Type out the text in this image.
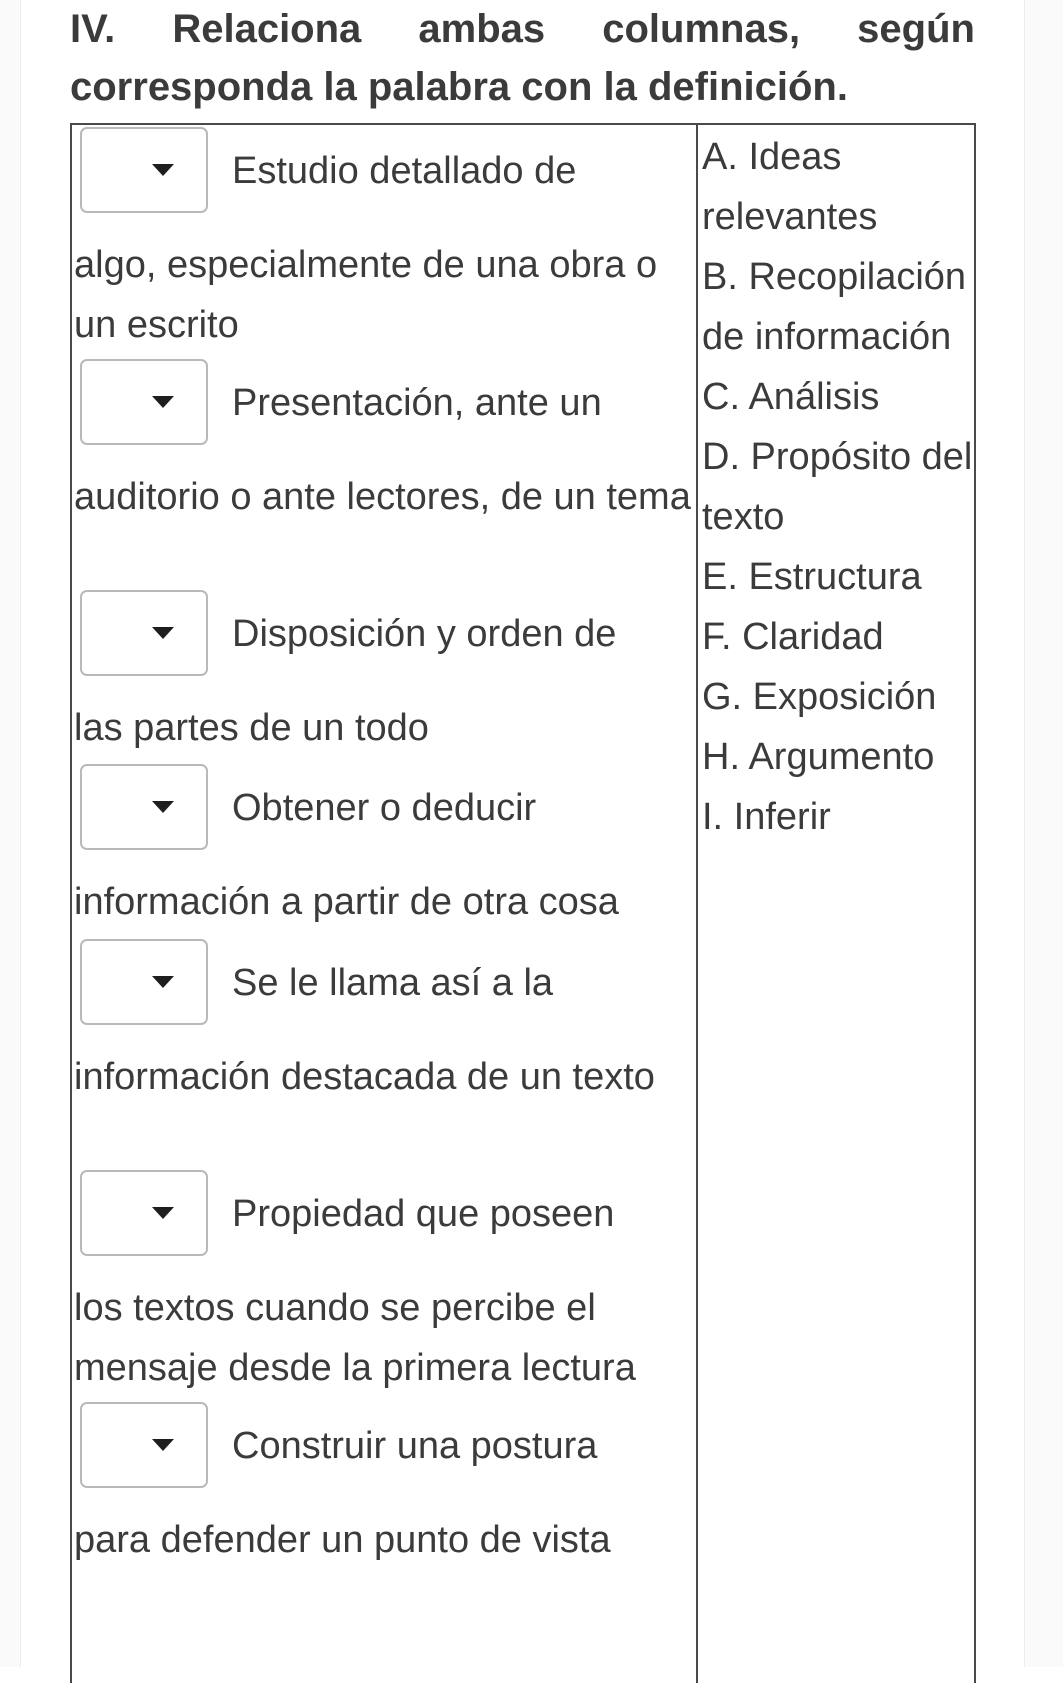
IV. Relaciona ambas columnas, según
corresponda la palabra con la definición.
Estudio detallado de
algo, especialmente de una obra o un escrito
Presentación, ante un
auditorio o ante lectores, de un tema
Disposición y orden de
las partes de un todo
Obtener o deducir
información a partir de otra cosa
Se le llama así a la
información destacada de un texto
Propiedad que poseen
los textos cuando se percibe el mensaje desde la primera lectura
Construir una postura
para defender un punto de vista
A. Ideas relevantes
B. Recopilación de información
C. Análisis
D. Propósito del texto
E. Estructura
F. Claridad
G. Exposición
H. Argumento
I. Inferir
